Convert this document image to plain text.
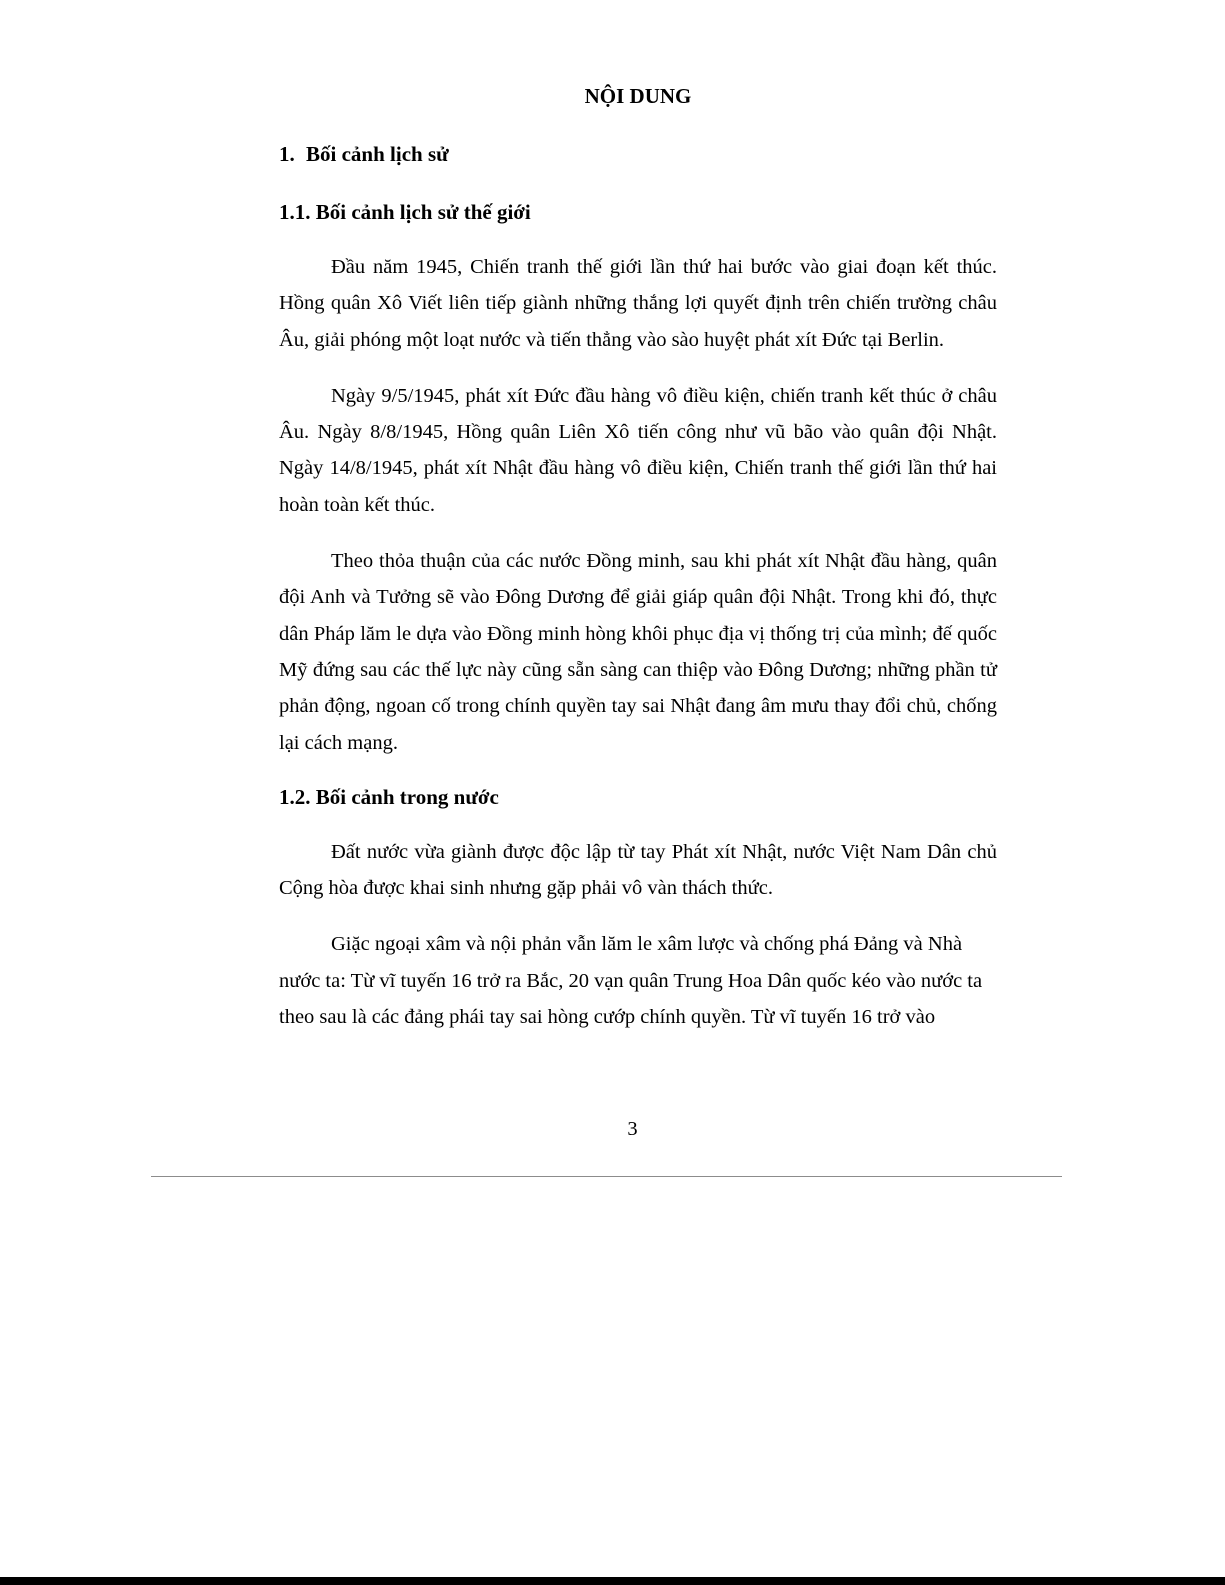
NỘI DUNG
1. Bối cảnh lịch sử
1.1. Bối cảnh lịch sử thế giới

Đầu năm 1945, Chiến tranh thế giới lần thứ hai bước vào giai đoạn kết thúc. Hồng quân Xô Viết liên tiếp giành những thắng lợi quyết định trên chiến trường châu Âu, giải phóng một loạt nước và tiến thẳng vào sào huyệt phát xít Đức tại Berlin.

Ngày 9/5/1945, phát xít Đức đầu hàng vô điều kiện, chiến tranh kết thúc ở châu Âu. Ngày 8/8/1945, Hồng quân Liên Xô tiến công như vũ bão vào quân đội Nhật. Ngày 14/8/1945, phát xít Nhật đầu hàng vô điều kiện, Chiến tranh thế giới lần thứ hai hoàn toàn kết thúc.

Theo thỏa thuận của các nước Đồng minh, sau khi phát xít Nhật đầu hàng, quân đội Anh và Tưởng sẽ vào Đông Dương để giải giáp quân đội Nhật. Trong khi đó, thực dân Pháp lăm le dựa vào Đồng minh hòng khôi phục địa vị thống trị của mình; đế quốc Mỹ đứng sau các thế lực này cũng sẵn sàng can thiệp vào Đông Dương; những phần tử phản động, ngoan cố trong chính quyền tay sai Nhật đang âm mưu thay đổi chủ, chống lại cách mạng.

1.2. Bối cảnh trong nước

Đất nước vừa giành được độc lập từ tay Phát xít Nhật, nước Việt Nam Dân chủ Cộng hòa được khai sinh nhưng gặp phải vô vàn thách thức.

Giặc ngoại xâm và nội phản vẫn lăm le xâm lược và chống phá Đảng và Nhà nước ta: Từ vĩ tuyến 16 trở ra Bắc, 20 vạn quân Trung Hoa Dân quốc kéo vào nước ta theo sau là các đảng phái tay sai hòng cướp chính quyền. Từ vĩ tuyến 16 trở vào

3
